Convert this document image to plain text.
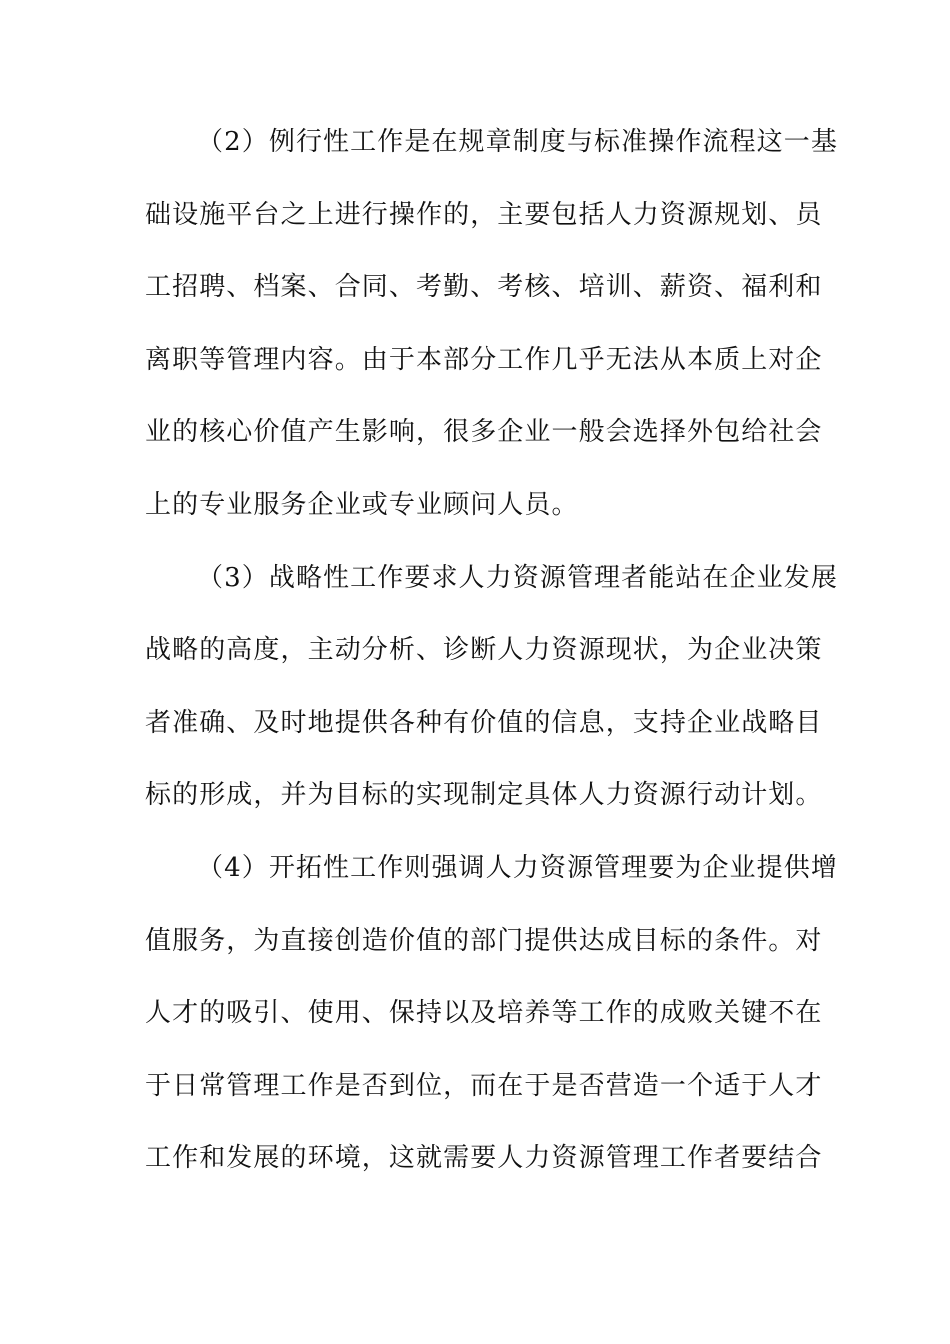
（2）例行性工作是在规章制度与标准操作流程这一基
础设施平台之上进行操作的，主要包括人力资源规划、员
工招聘、档案、合同、考勤、考核、培训、薪资、福利和
离职等管理内容。由于本部分工作几乎无法从本质上对企
业的核心价值产生影响，很多企业一般会选择外包给社会
上的专业服务企业或专业顾问人员。
（3）战略性工作要求人力资源管理者能站在企业发展
战略的高度，主动分析、诊断人力资源现状，为企业决策
者准确、及时地提供各种有价值的信息，支持企业战略目
标的形成，并为目标的实现制定具体人力资源行动计划。
（4）开拓性工作则强调人力资源管理要为企业提供增
值服务，为直接创造价值的部门提供达成目标的条件。对
人才的吸引、使用、保持以及培养等工作的成败关键不在
于日常管理工作是否到位，而在于是否营造一个适于人才
工作和发展的环境，这就需要人力资源管理工作者要结合
